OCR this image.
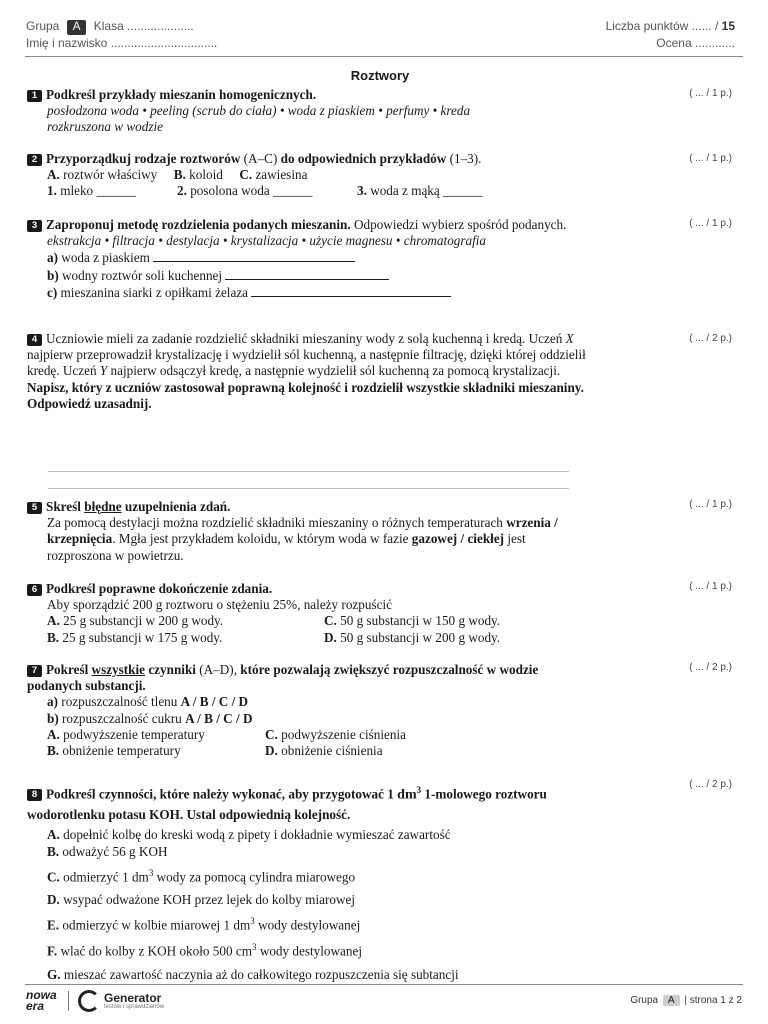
Grupa A Klasa ....................
Imię i nazwisko ................................
Liczba punktów ...... / 15
Ocena ............
Roztwory
1 Podkreśl przykłady mieszanin homogenicznych.
posłodzona woda • peeling (scrub do ciała) • woda z piaskiem • perfumy • kreda rozkruszona w wodzie
( ... / 1 p.)
2 Przyporządkuj rodzaje roztworów (A–C) do odpowiednich przykładów (1–3).
A. roztwór właściwy B. koloid C. zawiesina
1. mleko ______	2. posolona woda ______	3. woda z mąką ______
( ... / 1 p.)
3 Zaproponuj metodę rozdzielenia podanych mieszanin. Odpowiedzi wybierz spośród podanych.
ekstrakcja • filtracja • destylacja • krystalizacja • użycie magnesu • chromatografia
a) woda z piaskiem
b) wodny roztwór soli kuchennej
c) mieszanina siarki z opiłkami żelaza
( ... / 1 p.)
4 Uczniowie mieli za zadanie rozdzielić składniki mieszaniny wody z solą kuchenną i kredą. Uczeń X najpierw przeprowadził krystalizację i wydzielił sól kuchenną, a następnie filtrację, dzięki której oddzielił kredę. Uczeń Y najpierw odsączył kredę, a następnie wydzielił sól kuchenną za pomocą krystalizacji. Napisz, który z uczniów zastosował poprawną kolejność i rozdzielił wszystkie składniki mieszaniny. Odpowiedź uzasadnij.
( ... / 2 p.)
5 Skreśl błędne uzupełnienia zdań.
Za pomocą destylacji można rozdzielić składniki mieszaniny o różnych temperaturach wrzenia / krzepnięcia. Mgła jest przykładem koloidu, w którym woda w fazie gazowej / ciekłej jest rozproszona w powietrzu.
( ... / 1 p.)
6 Podkreśl poprawne dokończenie zdania.
Aby sporządzić 200 g roztworu o stężeniu 25%, należy rozpuścić
A. 25 g substancji w 200 g wody.	C. 50 g substancji w 150 g wody.
B. 25 g substancji w 175 g wody.	D. 50 g substancji w 200 g wody.
( ... / 1 p.)
7 Pokreśl wszystkie czynniki (A–D), które pozwalają zwiększyć rozpuszczalność w wodzie podanych substancji.
a) rozpuszczalność tlenu A / B / C / D
b) rozpuszczalność cukru A / B / C / D
A. podwyższenie temperatury	C. podwyższenie ciśnienia
B. obniżenie temperatury	D. obniżenie ciśnienia
( ... / 2 p.)
8 Podkreśl czynności, które należy wykonać, aby przygotować 1 $dm^3$ 1-molowego roztworu wodorotlenku potasu KOH. Ustal odpowiednią kolejność.
A. dopełnić kolbę do kreski wodą z pipety i dokładnie wymieszać zawartość
B. odważyć 56 g KOH
C. odmierzyć 1 $dm^3$ wody za pomocą cylindra miarowego
D. wsypać odważone KOH przez lejek do kolby miarowej
E. odmierzyć w kolbie miarowej 1 $dm^3$ wody destylowanej
F. wlać do kolby z KOH około 500 $cm^3$ wody destylowanej
G. mieszać zawartość naczynia aż do całkowitego rozpuszczenia się subtancji
( ... / 2 p.)
nowa
era
Generator
testów i sprawdzianów
Grupa A | strona 1 z 2
